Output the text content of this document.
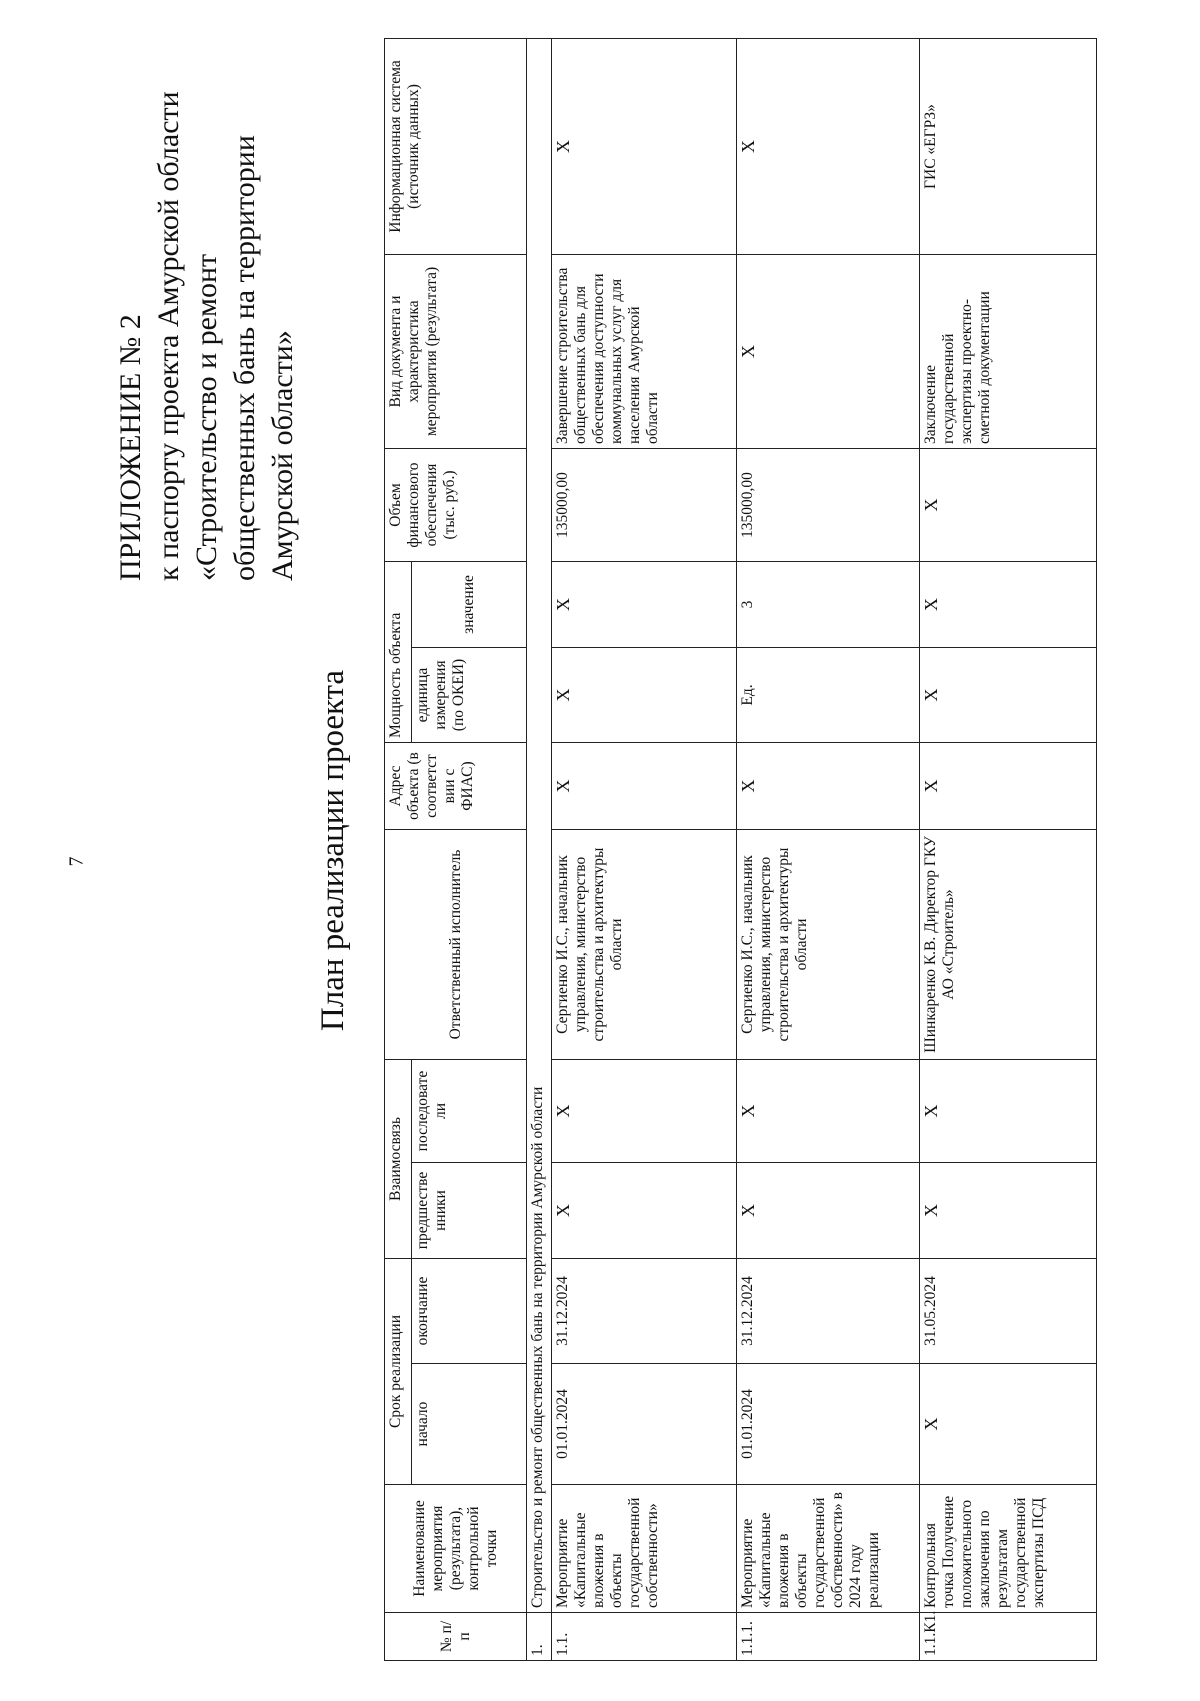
7
ПРИЛОЖЕНИЕ № 2 к паспорту проекта Амурской области «Строительство и ремонт общественных бань на территории Амурской области»
План реализации проекта
№ п/п	Наименование мероприятия (результата), контрольной точки	Срок реализации		Взаимосвязь		Ответственный исполнитель	Адрес объекта (в соответст вии с ФИАС)	Мощность объекта		Объем финансового обеспечения (тыс. руб.)	Вид документа и характеристика мероприятия (результата)	Информационная система (источник данных)
		начало	окончание	предшестве нники	последовате ли			единица измерения (по ОКЕИ)	значение			
1.	Строительство и ремонт общественных бань на территории Амурской области											
1.1.	Мероприятие «Капитальные вложения в объекты государственной собственности»	01.01.2024	31.12.2024	X	X	Сергиенко И.С., начальник управления, министерство строительства и архитектуры области	X	X	X	135000,00	Завершение строительства общественных бань для обеспечения доступности коммунальных услуг для населения Амурской области	X
1.1.1.	Мероприятие «Капитальные вложения в объекты государственной собственности» в 2024 году реализации	01.01.2024	31.12.2024	X	X	Сергиенко И.С., начальник управления, министерство строительства и архитектуры области	X	Ед.	3	135000,00	X	X
1.1.К1.	Контрольная точка Получение положительного заключения по результатам государственной экспертизы ПСД	X	31.05.2024	X	X	Шинкаренко К.В. Директор ГКУ АО «Строитель»	X	X	X	X	Заключение государственной экспертизы проектно-сметной документации	ГИС «ЕГРЗ»
